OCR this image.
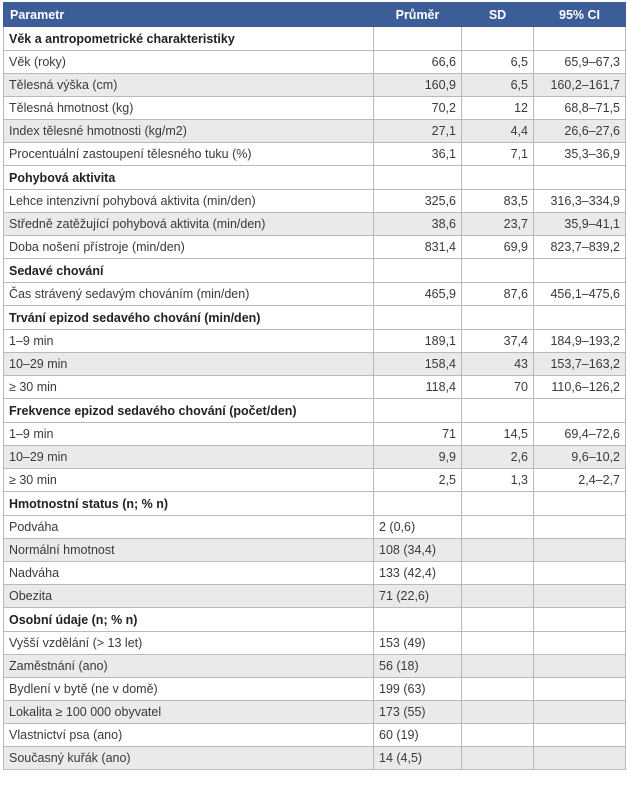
Parametr	Průměr	SD	95% CI
Věk a antropometrické charakteristiky			
Věk (roky)	66,6	6,5	65,9–67,3
Tělesná výška (cm)	160,9	6,5	160,2–161,7
Tělesná hmotnost (kg)	70,2	12	68,8–71,5
Index tělesné hmotnosti (kg/m2)	27,1	4,4	26,6–27,6
Procentuální zastoupení tělesného tuku (%)	36,1	7,1	35,3–36,9
Pohybová aktivita			
Lehce intenzivní pohybová aktivita (min/den)	325,6	83,5	316,3–334,9
Středně zatěžující pohybová aktivita (min/den)	38,6	23,7	35,9–41,1
Doba nošení přístroje (min/den)	831,4	69,9	823,7–839,2
Sedavé chování			
Čas strávený sedavým chováním (min/den)	465,9	87,6	456,1–475,6
Trvání epizod sedavého chování (min/den)			
1–9 min	189,1	37,4	184,9–193,2
10–29 min	158,4	43	153,7–163,2
≥ 30 min	118,4	70	110,6–126,2
Frekvence epizod sedavého chování (počet/den)			
1–9 min	71	14,5	69,4–72,6
10–29 min	9,9	2,6	9,6–10,2
≥ 30 min	2,5	1,3	2,4–2,7
Hmotnostní status (n; % n)			
Podváha	2 (0,6)		
Normální hmotnost	108 (34,4)		
Nadváha	133 (42,4)		
Obezita	71 (22,6)		
Osobní údaje (n; % n)			
Vyšší vzdělání (> 13 let)	153 (49)		
Zaměstnání (ano)	56 (18)		
Bydlení v bytě (ne v domě)	199 (63)		
Lokalita ≥ 100 000 obyvatel	173 (55)		
Vlastnictví psa (ano)	60 (19)		
Současný kuřák (ano)	14 (4,5)		
